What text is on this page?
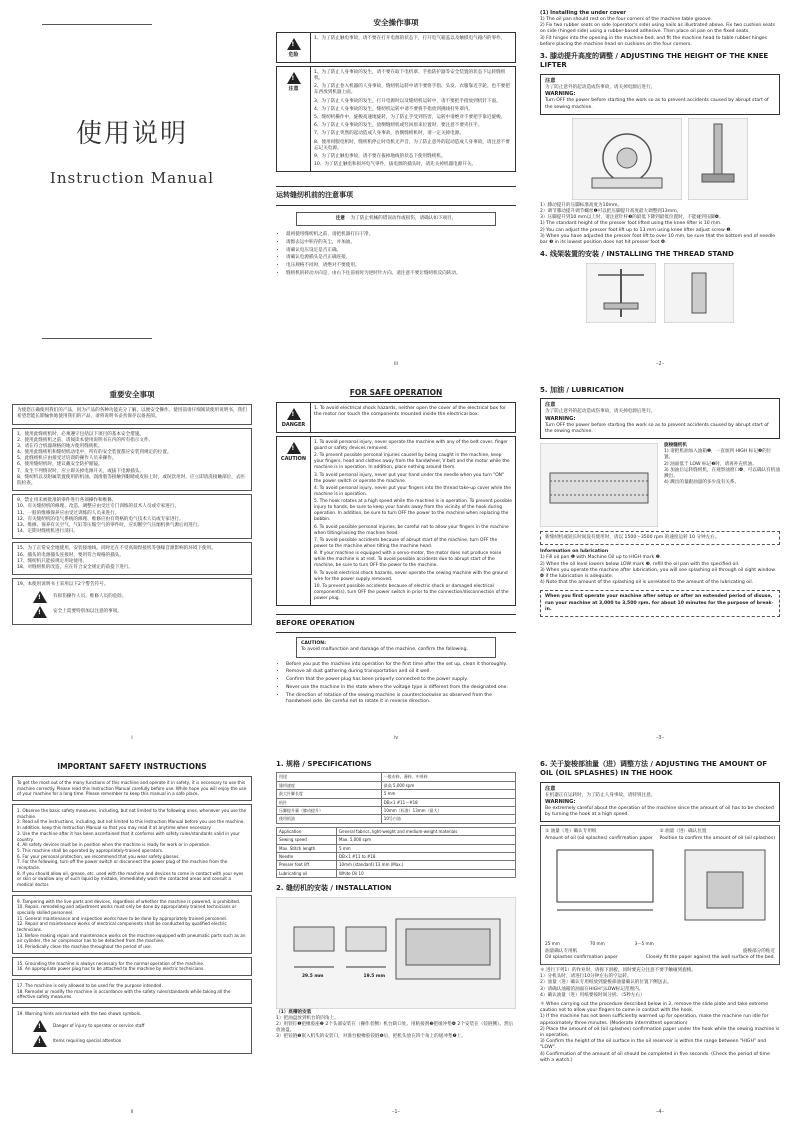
使用说明
Instruction Manual
安全操作事项
!
危险
1、为了防止触电事故，请不要在打开电源的状态下，打开电气箱盖以及触摸电气箱内的零件。
!
注意
1、为了防止人身事故的发生，请不要在取下电机罩、手指防护器等安全装置的状态下运转缝纫机。
2、为了防止卷入机器的人身事故，缝纫机运转中请不要将手指、头发、衣服靠近手轮、也不要把东西放到机器上面。
3、为了防止人身事故的发生，打开电源时以及缝纫机运转中，请不要把手指放到机针下面。
4、为了防止人身事故的发生，缝纫机运转中请不要将手指放到挑线杆外罩内。
5、缝纫机操作中，旋梭高速地旋转，为了防止手受到伤害，运转中请绝对不要把手靠近旋梭。
6、为了防止人身事故的发生，放倒缝纫机或竖回原来位置时，要注意不要夹住手。
7、为了防止突然的起动造成人身事故，放倒缝纫机时，请一定关掉电源。
8、使用伺服电机时，缝纫机停止时电机无声音，为了防止意外的起动造成人身事故，请注意不要忘记关电源。
9、为了防止触电事故，请不要在拔掉地线的状态下使用缝纫机。
10、为了防止触电和损坏电气零件，拔电源的插头时，请先关掉机器电源开关。
运转缝纫机前的注意事项
注意 为了防止机械的错误动作或损伤，请确认如下项目。
• 最初使用缝纫机之前，请把机器打扫干净。
• 请擦去运中积存的灰尘，并加油。
• 请确认电压设定是否正确。
• 请确认电源插头是否正确连接。
• 电压规格不同时，请绝对不要使用。
• 缝纫机的转动方向是，由右下往前看时为逆时针方向。请注意不要让缝纫机反向转动。
iii
(1) Installing the under cover
1) The oil pan should rest on the four corners of the machine table groove.
2) Fix two rubber seats on side (operator's side) using nails as illustrated above. Fix two cushion seats on side (hinged side) using a rubber-based adhesive. Then place oil pan on the fixed seats.
3) Fit hinges into the opening in the machine bed, and fit the machine head to table rubber hinges before placing the machine head on cushions on the four corners.
3. 膝动提升高度的调整 / ADJUSTING THE HEIGHT OF THE KNEE LIFTER
注意
为了防止意外的起动造成伤事故，请关掉电源后进行。
WARNING:
Turn OFF the power before starting the work so as to prevent accidents caused by abrupt start of the sewing machine.
1）膝动提升的压脚标准高度为10mm。
2）调节膝动提升调节螺丝❶可以把压脚提升高度最大调整到13mm。
3）压脚提升到10 mm以上时，请注意针杆❸的最低下降到最低位置时，不能碰到压脚❹。
1) The standard height of the presser foot lifted using the knee lifter is 10 mm.
2) You can adjust the presser foot lift up to 13 mm using knee lifter adjust screw ❶.
3) When you have adjusted the presser foot lift to over 10 mm, be sure that the bottom end of needle bar ❸ in its lowest position does not hit presser foot ❹.
4. 线架装置的安装 / INSTALLING THE THREAD STAND
–2–
重要安全事项
为使您正确使用我们的产品，因为产品的各种功能充分了解，以便安全操作。使用前请仔细阅读使用说明书，我们希望您能长期愉快地使用我们的产品，请将说明书妥善保存以备查阅。
1、使用此缝纫机时，必须遵守包括以下项目的基本安全措施。
2、使用此缝纫机之前，请阅读本使用说明书在内的所有指示文件。
3、请在符合机器规格的地方使用缝纫机。
4、使用此缝纫机和缝纫机动电中，所有的安全装置都应安装到规定的位置。
5、此缝纫机应由接受过培训的操作人员来操作。
6、使用缝纫机时，建议戴安全防护眼镜。
7、发生下列情况时，应立即关掉电源开关，或拔下电源插头。
8、缝纫机以及附属装置使用的机油、润滑脂等接触到眼睛或皮肤上时，或误饮用时，应立即清洗接触部位，去医院检查。
9、禁止用未被批准的零件进行各项操作和维修。
10、有关缝纫机的修理、改造、调整应由受过专门训练的技术人员或专家进行。
11、一般的维修保养应由受过训练的人员来进行。
12、有关缝纫机的电气系统的修理、维修应由有资格的电气技术人员或专家进行。
13、维修、保养有关空气、气缸等压缩空气的零件时，应切断空气压缩机供气源后再进行。
14、定期对缝纫机进行清扫。
15、为了正常安全地使用，安装接地线。同时还在不受高频焊接机等强噪音源影响的环境下使用。
16、插头的电源插头连接时，要用符合规格的插头。
17、缝纫机只能按规定用途使用。
18、对缝纫机的改造，应在符合安全规定的前提下进行。
19、本使用说明书上采用以下2个警告符号。
!
有损伤操作人员、维修人员的危险。
!
安全上需要特别加以注意的事项。
i
FOR SAFE OPERATION
!
DANGER
1. To avoid electrical shock hazards, neither open the cover of the electrical box for the motor nor touch the components mounted inside the electrical box.
!
CAUTION
1. To avoid personal injury, never operate the machine with any of the belt cover, finger guard or safety devices removed.
2. To prevent possible personal injuries caused by being caught in the machine, keep your fingers, head and clothes away from the handwheel, V belt and the motor while the machine is in operation. In addition, place nothing around them.
3. To avoid personal injury, never put your hand under the needle when you turn "ON" the power switch or operate the machine.
4. To avoid personal injury, never put your fingers into the thread take-up cover while the machine is in operation.
5. The hook rotates at a high speed while the machine is in operation. To prevent possible injury to hands, be sure to keep your hands away from the vicinity of the hook during operation. In addition, be sure to turn OFF the power to the machine when replacing the bobbin.
6. To avoid possible personal injuries, be careful not to allow your fingers in the machine when tilting/raising the machine head.
7. To avoid possible accidents because of abrupt start of the machine, turn OFF the power to the machine when tilting the machine head.
8. If your machine is equipped with a servo-motor, the motor does not produce noise while the machine is at rest. To avoid possible accidents due to abrupt start of the machine, be sure to turn OFF the power to the machine.
9. To avoid electrical shock hazards, never operate the sewing machine with the ground wire for the power supply removed.
10. To prevent possible accidents because of electric shock or damaged electrical component(s), turn OFF the power switch in prior to the connection/disconnection of the power plug.
BEFORE OPERATION
CAUTION:
To avoid malfunction and damage of the machine, confirm the following.
• Before you put the machine into operation for the first time after the set up, clean it thoroughly.
• Remove all dust gathering during transportation and oil it well.
• Confirm that the power plug has been properly connected to the power supply.
• Never use the machine in the state where the voltage type is different from the designated one.
• The direction of rotation of the sewing machine is counterclockwise as observed from the handwheel side. Be careful not to rotate it in reverse direction.
iv
5. 加油 / LUBRICATION
注意
为了防止意外的起动造成伤事故，请关掉电源后进行。
WARNING:
Turn OFF the power before starting the work so as to prevent accidents caused by abrupt start of the sewing machine.
旋梭缝纫机
1) 请把机油加入油箱❶，一直加到 HIGH 标记❷的位置。
2) 油面低于 LOW 标记❸时，请再补充机油。
3) 加油后运转缝纫机，在观察油窗口❹，可以确认有机油溅出。
4) 溅出的量跟油量的多少没有关系。
新缝纫机或较长时间没有使用时，请以 1500～3500 rpm 的速度运转 10 分钟左右。
Information on lubrication
1) Fill oil pan ❶ with Machine Oil up to HIGH mark ❷.
2) When the oil level lowers below LOW mark ❸, refill the oil pan with the specified oil.
3) When you operate the machine after lubrication, you will see splashing oil through oil sight window ❹ if the lubrication is adequate.
4) Note that the amount of the splashing oil is unrelated to the amount of the lubricating oil.
When you first operate your machine after setup or after an extended period of disuse, run your machine at 3,000 to 3,500 rpm. for about 10 minutes for the purpose of break-in.
–3–
IMPORTANT SAFETY INSTRUCTIONS
To get the most out of the many functions of this machine and operate it in safety, it is necessary to use this machine correctly. Please read this Instruction Manual carefully before use. While hope you will enjoy the use of your machine for a long time. Please remember to keep this manual in a safe place.
1. Observe the basic safety measures, including, but not limited to the following ones, whenever you use the machine.
2. Read all the instructions, including, but not limited to this Instruction Manual before you use the machine. In addition, keep this Instruction Manual so that you may read it at anytime when necessary.
3. Use the machine after it has been ascertained that it conforms with safety rules/standards valid in your country.
4. All safety devices must be in position when the machine is ready for work or in operation.
5. This machine shall be operated by appropriately-trained operators.
6. For your personal protection, we recommend that you wear safety glasses.
7. For the following, turn off the power switch or disconnect the power plug of the machine from the receptacle.
8. If you should allow oil, grease, etc. used with the machine and devices to come in contact with your eyes or skin or swallow any of such liquid by mistake, immediately wash the contacted areas and consult a medical doctor.
9. Tampering with the live parts and devices, regardless of whether the machine is powered, is prohibited.
10. Repair, remodeling and adjustment works must only be done by appropriately trained technicians or specially skilled personnel.
11. General maintenance and inspection works have to be done by appropriately trained personnel.
12. Repair and maintenance works of electrical components shall be conducted by qualified electric technicians.
13. Before making repair and maintenance works on the machine equipped with pneumatic parts such as an air cylinder, the air compressor has to be detached from the machine.
14. Periodically clean the machine throughout the period of use.
15. Grounding the machine is always necessary for the normal operation of the machine.
16. An appropriate power plug has to be attached to the machine by electric technicians.
17. The machine is only allowed to be used for the purpose intended.
18. Remodel or modify the machine in accordance with the safety rules/standards while taking all the effective safety measures.
19. Warning hints are marked with the two shown symbols.
!
Danger of injury to operator or service staff
!
Items requiring special attention
ii
1. 规格 / SPECIFICATIONS
用途	一般布料、薄料、中厚料
缝纫速度	最高 5,000 spm
最大针脚长度	5 mm
机针	DB×1 #11～#18
压脚提升量（膝动提升）	10mm（标准）13mm（最大）
使用机油	10号白油
Application	General fabrics, light-weight and medium-weight materials
Sewing speed	Max. 5,000 spm
Max. Stitch length	5 mm
Needle	DB×1 #11 to #18
Presser foot lift	10mm (standard) 13 mm (Max.)
Lubricating oil	White Oil 10
2. 缝纫机的安装 / INSTALLATION
29.5 mm	19.5 mm
（1）底槽的安装
1）把油盘放到机台的四角上。
2）用铁钉❶把橡胶座❷ 2个头部安装在（操作者侧）机台缺口处。用粘接剂❸把缓冲垫❹ 2个安装在（铰链侧）。然后放油盘。
3）把铰链❺嵌入机头的安装口，对准台板橡胶铰链❻后，把机头放在四个角上的缓冲垫❼上。
–1–
6. 关于旋梭部油量（进）调整方法 / ADJUSTING THE AMOUNT OF OIL (OIL SPLASHES) IN THE HOOK
注意
在机器正在运转时，为了防止人身事故，请特别注意。
WARNING:
Be extremely careful about the operation of the machine since the amount of oil has to be checked by turning the hook at a high speed.
① 油量（进）确认专用纸
Amount of oil (oil splashes) confirmation paper
② 油量（进）确认位置
Position to confirm the amount of oil (oil splashes)
25 mm	70 mm	3～5 mm
油量确认专用纸
Oil splashes confirmation paper
旋梭部分的贴近
Closely fit the paper against the wall surface of the bed.
＊ 进行下列1）的作业时，请拆下滑板，同时要充分注意不要手触碰到旋梭。
1）分机头时，请进行10分钟左右的空运转。
2）油量（进）确认专用纸放到旋梭部油量确认的位置下侧送去。
3）请确认油箱的油面在HIGH与LOW标记范围内。
4）确认油量（进）用纸要按时间分析。（5秒左右）
＊ When carrying out the procedure described below in 2, remove the slide plate and take extreme caution not to allow your fingers to come in contact with the hook.
1) If the machine has not been sufficiently warmed up for operation, make the machine run idle for approximately three minutes. (Moderate intermittent operation)
2) Place the amount of oil (oil splashes) confirmation paper under the hook while the sewing machine is in operation.
3) Confirm the height of the oil surface in the oil reservoir is within the range between "HIGH" and "LOW".
4) Confirmation of the amount of oil should be completed in five seconds. (Check the period of time with a watch.)
–4–
